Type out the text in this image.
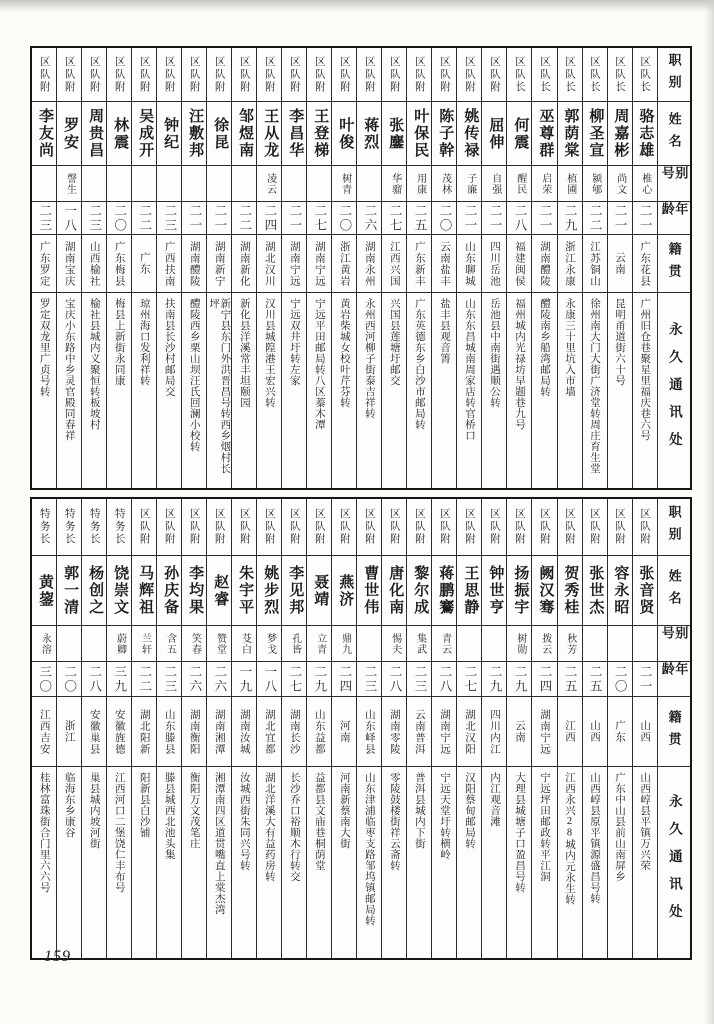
职别
姓名
别号
年龄
籍贯
永久通讯处
区队长
骆志雄
椎心
二一
广东花县
广州旧仓巷聚星里福庆巷六号
区队长
周嘉彬
尚文
二一
云南
昆明甬道街六十号
区队长
柳圣宣
颍郇
二二
江苏铜山
徐州南大门大街广济堂转周庄育生堂
区队长
郭荫棠
植圃
二九
浙江永康
永康三十里坑入市墙
区队长
巫尊群
启荣
二一
湖南醴陵
醴陵南乡船湾邮局转
区队长
何震
醒民
二八
福建闽侯
福州城内光禄坊早题巷九号
区队附
屈伸
自强
二一
四川岳池
岳池县中南街遇顺公转
区队附
姚传禄
子廉
二一
山东聊城
山东东昌城南周家店转官桥口
区队附
陈子幹
茂林
二〇
云南盐丰
盐丰县观音箐
区队附
叶保民
用康
二五
广东新丰
广东英德东乡白沙市邮局转
区队附
张鏖
华骝
二七
江西兴国
兴国县莲塘圩邮交
区队附
蒋烈
二六
湖南永州
永州西河柳子街泰吉祥转
区队附
叶俊
树青
二〇
浙江黄岩
黄岩柴城女校叶芹芬转
区队附
王登梯
二七
湖南宁远
宁远平田邮局转八区蓁木潭
区队附
李昌华
二一
湖南宁远
宁远双井圩转左家
区队附
王从龙
凌云
二四
湖北汉川
汉川县城隍港王宏兴转
区队附
邹煜南
二二
湖南新化
新化县洋溪常丰坦颐园
区队附
徐昆
二一
湖南新宁
新宁县东门外洪晋昌号转西乡烟村长坪
区队附
汪敷邦
二一
湖南醴陵
醴陵西乡栗山坝汪氏回澜小校转
区队附
钟纪
二三
广西扶南
扶南县长沙村邮局交
区队附
吴成开
二二
广东
琼州海口发利祥转
区队附
林震
二〇
广东梅县
梅县上新街永同康
区队附
周贵昌
二三
山西榆社
榆社县城内义聚恒转板坡村
区队附
罗安
謦生
一八
湖南宝庆
宝庆小东路中乡灵官殿同春祥
区队附
李友尚
二三
广东罗定
罗定双龙里广贞号转
职别
姓名
别号
年龄
籍贯
永久通讯处
区队附
张音贤
二一
山西
山西崞县平镇万兴荣
区队附
容永昭
二〇
广东
广东中山县前山南屏乡
区队附
张世杰
二五
山西
山西崞县原平镇源盛昌号转
区队附
贺秀桂
秋芳
二五
江西
江西永兴28城内元永生转
区队附
阙汉骞
拨云
二四
湖南宁远
宁远坪田邮政转平江洞
区队附
扬振宇
树勋
二九
云南
大理县城塘子口盈昌号转
区队附
钟世亨
二九
四川内江
内江观音滩
区队附
王思静
二七
湖北汉阳
汉阳蔡甸邮局转
区队附
蒋鹏鶱
青云
二八
湖南宁远
宁远天堂圩转横岭
区队附
黎尔成
集武
二三
云南普洱
普洱县城内下街
区队附
唐化南
惕夫
二八
湖南零陵
零陵鼓楼街祥云斋转
区队附
曹世伟
二三
山东峄县
山东津浦临枣支路邹坞镇邮局转
区队附
燕济
鼎九
二四
河南
河南新蔡南大街
区队附
聂靖
立青
二九
山东益都
益都县文庙巷桐荫堂
区队附
李见邦
孔皆
二七
湖南长沙
长沙乔口裕顺木行转交
区队附
姚步烈
梦戈
一八
湖北宜都
湖北洋溪大有益药房转
区队附
朱宇平
芟白
一九
湖南汝城
汝城西街朱同兴号转
区队附
赵睿
赞堂
二六
湖南湘潭
湘潭南四区道贯嘴直上棠杰湾
区队附
李均果
笑春
二六
湖南衡阳
衡阳万文茂笔庄
区队附
孙庆备
含五
二三
山东滕县
滕县城西北池头集
区队附
马辉祖
兰轩
二二
湖北阳新
阳新县白沙铺
特务长
饶崇文
蔚卿
三九
安徽旌德
江西河口二堡饶仁丰布号
特务长
杨创之
二八
安徽巢县
巢县城内坡河街
特务长
郭一清
二〇
浙江
临海东乡康谷
特务长
黄鋆
永溶
三〇
江西吉安
桂林富珠街合门里六六号
159
